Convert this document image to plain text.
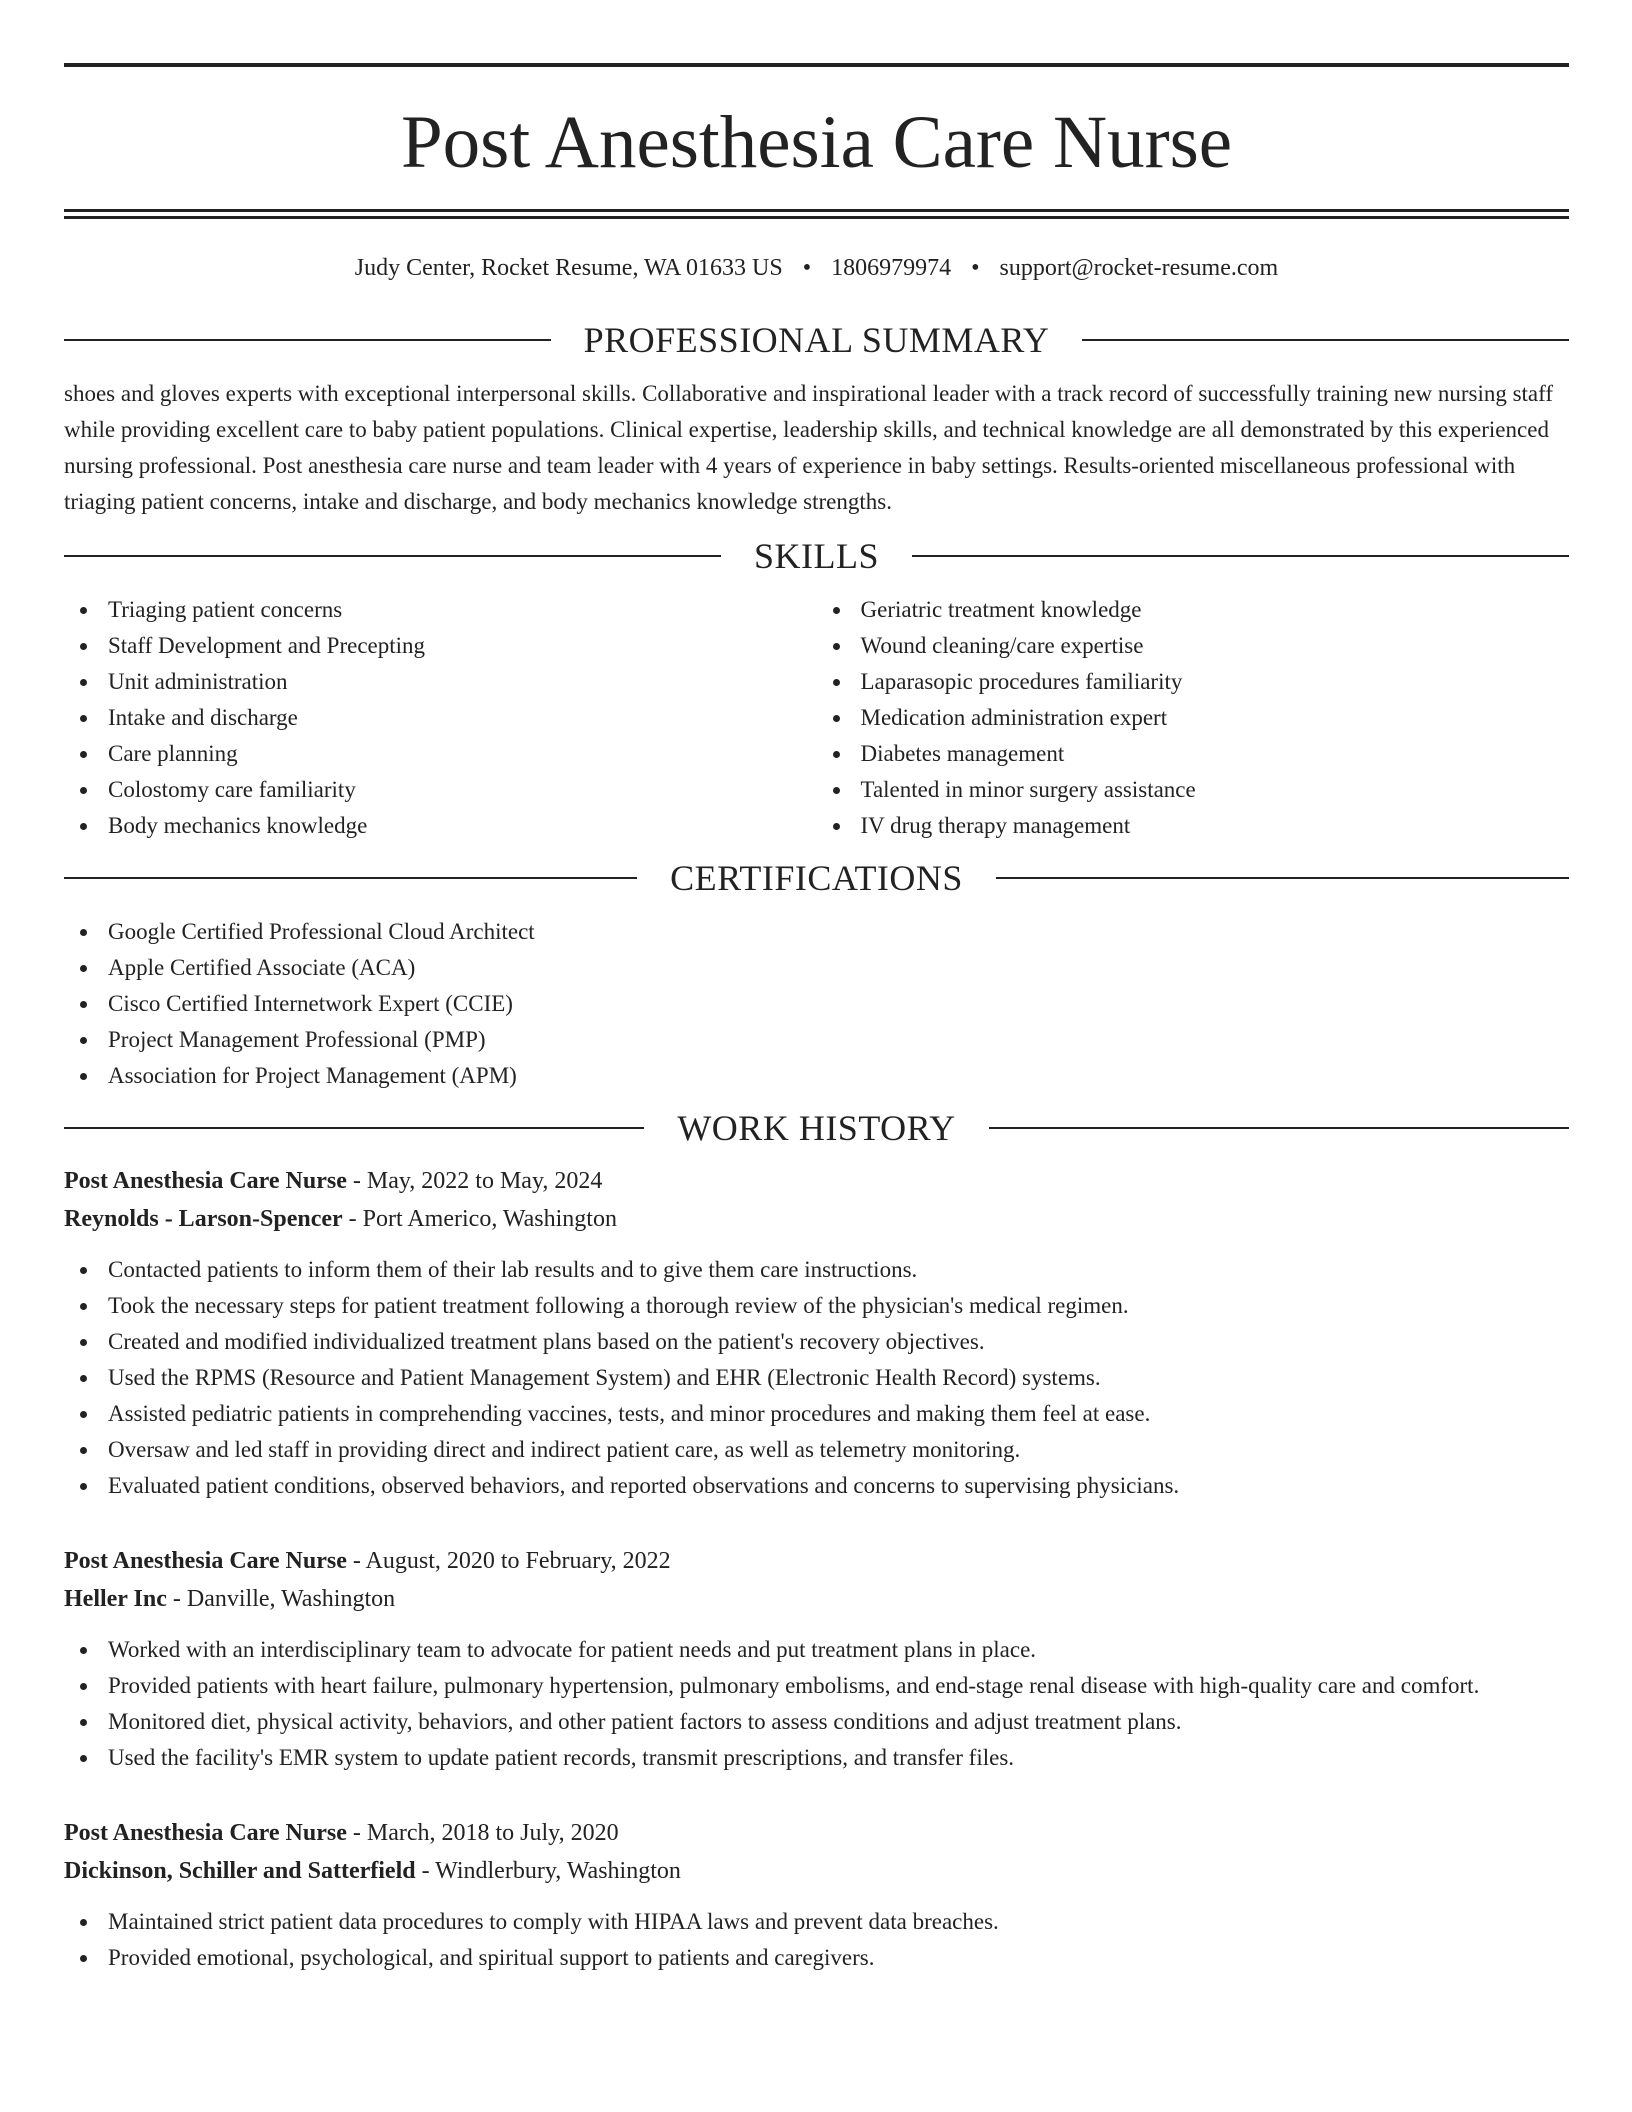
Post Anesthesia Care Nurse
Judy Center, Rocket Resume, WA 01633 US • 1806979974 • support@rocket-resume.com
PROFESSIONAL SUMMARY

shoes and gloves experts with exceptional interpersonal skills. Collaborative and inspirational leader with a track record of successfully training new nursing staff while providing excellent care to baby patient populations. Clinical expertise, leadership skills, and technical knowledge are all demonstrated by this experienced nursing professional. Post anesthesia care nurse and team leader with 4 years of experience in baby settings. Results-oriented miscellaneous professional with triaging patient concerns, intake and discharge, and body mechanics knowledge strengths.

SKILLS
Triaging patient concerns
Staff Development and Precepting
Unit administration
Intake and discharge
Care planning
Colostomy care familiarity
Body mechanics knowledge
Geriatric treatment knowledge
Wound cleaning/care expertise
Laparasopic procedures familiarity
Medication administration expert
Diabetes management
Talented in minor surgery assistance
IV drug therapy management
CERTIFICATIONS
Google Certified Professional Cloud Architect
Apple Certified Associate (ACA)
Cisco Certified Internetwork Expert (CCIE)
Project Management Professional (PMP)
Association for Project Management (APM)
WORK HISTORY
Post Anesthesia Care Nurse - May, 2022 to May, 2024
Reynolds - Larson-Spencer - Port Americo, Washington
Contacted patients to inform them of their lab results and to give them care instructions.
Took the necessary steps for patient treatment following a thorough review of the physician's medical regimen.
Created and modified individualized treatment plans based on the patient's recovery objectives.
Used the RPMS (Resource and Patient Management System) and EHR (Electronic Health Record) systems.
Assisted pediatric patients in comprehending vaccines, tests, and minor procedures and making them feel at ease.
Oversaw and led staff in providing direct and indirect patient care, as well as telemetry monitoring.
Evaluated patient conditions, observed behaviors, and reported observations and concerns to supervising physicians.
Post Anesthesia Care Nurse - August, 2020 to February, 2022
Heller Inc - Danville, Washington
Worked with an interdisciplinary team to advocate for patient needs and put treatment plans in place.
Provided patients with heart failure, pulmonary hypertension, pulmonary embolisms, and end-stage renal disease with high-quality care and comfort.
Monitored diet, physical activity, behaviors, and other patient factors to assess conditions and adjust treatment plans.
Used the facility's EMR system to update patient records, transmit prescriptions, and transfer files.
Post Anesthesia Care Nurse - March, 2018 to July, 2020
Dickinson, Schiller and Satterfield - Windlerbury, Washington
Maintained strict patient data procedures to comply with HIPAA laws and prevent data breaches.
Provided emotional, psychological, and spiritual support to patients and caregivers.
